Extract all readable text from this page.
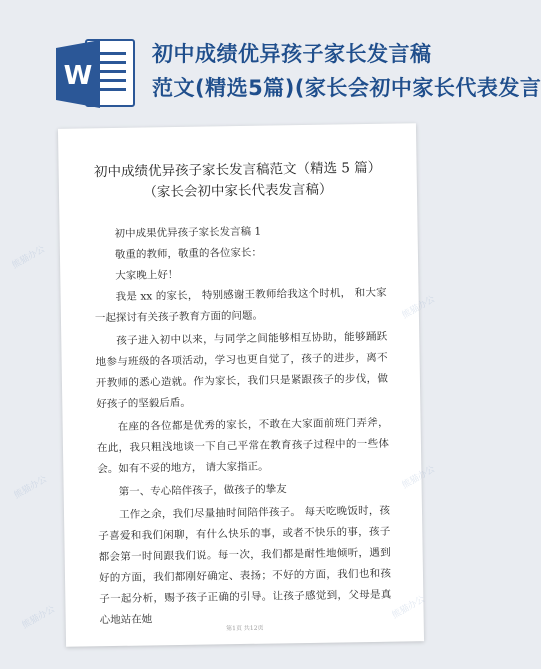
W
初中成绩优异孩子家长发言稿
范文(精选5篇)(家长会初中家长代表发言
初中成绩优异孩子家长发言稿范文（精选 5 篇）
（家长会初中家长代表发言稿）

初中成果优异孩子家长发言稿 1

敬重的教师，敬重的各位家长：

大家晚上好！

我是 xx 的家长， 特别感谢王教师给我这个时机， 和大家一起探讨有关孩子教育方面的问题。

孩子进入初中以来，与同学之间能够相互协助，能够踊跃地参与班级的各项活动，学习也更自觉了，孩子的进步，离不开教师的悉心造就。作为家长，我们只是紧跟孩子的步伐，做好孩子的坚毅后盾。

在座的各位都是优秀的家长，不敢在大家面前班门弄斧，在此，我只粗浅地谈一下自己平常在教育孩子过程中的一些体会。如有不妥的地方， 请大家指正。

第一、专心陪伴孩子，做孩子的挚友

工作之余，我们尽量抽时间陪伴孩子。 每天吃晚饭时，孩子喜爱和我们闲聊，有什么快乐的事，或者不快乐的事，孩子都会第一时间跟我们说。每一次，我们都是耐性地倾听，遇到好的方面，我们都刚好确定、表扬；不好的方面，我们也和孩子一起分析，赐予孩子正确的引导。让孩子感觉到，父母是真心地站在她

第1页 共12页
熊猫办公
熊猫办公
熊猫办公	熊猫办公
熊猫办公	熊猫办公
